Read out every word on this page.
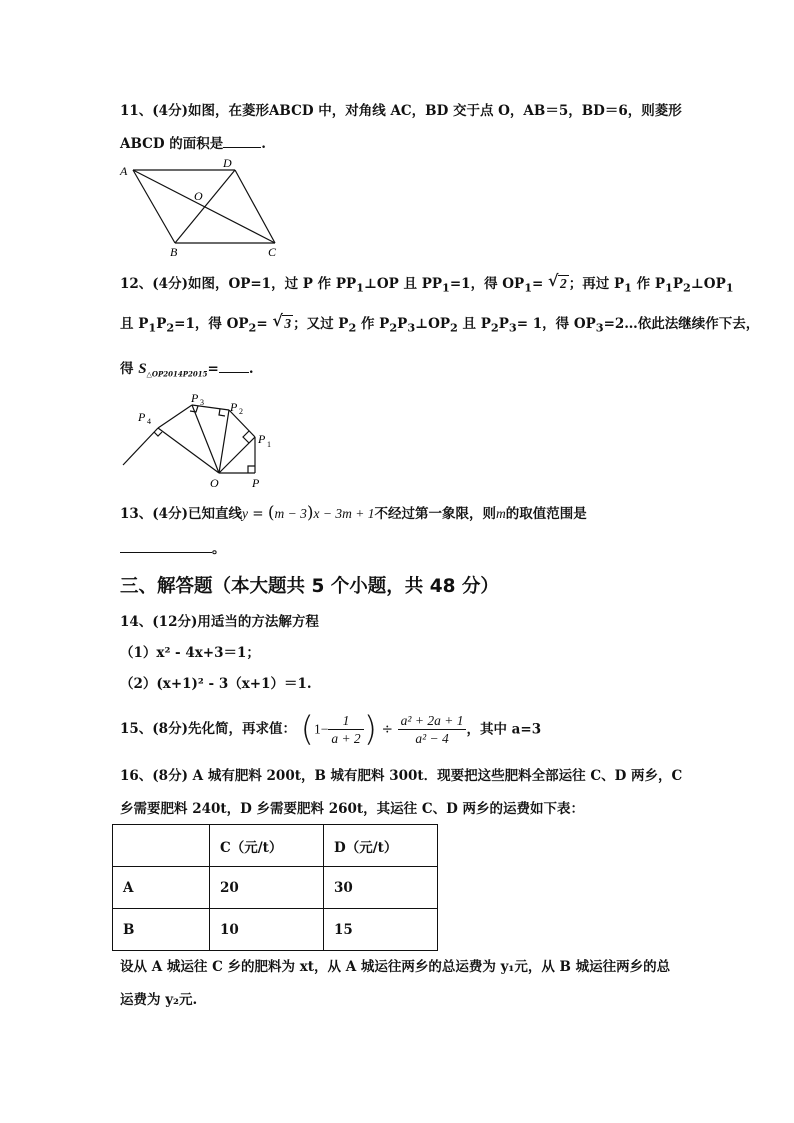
11、(4分)如图，在菱形ABCD 中，对角线 AC，BD 交于点 O，AB＝5，BD＝6，则菱形
ABCD 的面积是	.
A
D
O
B	C
12、(4分)如图，OP=1，过 P 作 $PP_1\perp OP$ 且 $PP_1=1$，得 $OP_1=$ √ 2 ；再过 $P_1$ 作 $P_1P_2\perp OP_1$
且 $P_1P_2=1$，得 $OP_2=$ √ 3 ；又过 $P_2$ 作 $P_2P_3\perp OP_2$ 且 $P_2P_3= 1$，得 $OP_3=2\dots$依此法继续作下去，
得 $S_{\triangle OP2014P2015}=$ .
P 4
P 3 P 2
P 1
O	P
13、(4分)已知直线y = (m − 3)x − 3m + 1不经过第一象限，则m的取值范围是
。
三、解答题（本大题共 5 个小题，共 48 分）
14、(12分)用适当的方法解方程
（1）x² - 4x+3＝1；
（2）(x+1)² - 3（x+1）＝1.
15、(8分)先化简，再求值： ($1- \frac{1}{a + 2}$ ) ÷ $\frac{\text{a² + 2a + 1}}{\text{a² − 4}}$ ，其中 a=3
16、(8分) A 城有肥料 200t，B 城有肥料 300t．现要把这些肥料全部运往 C、D 两乡，C
乡需要肥料 240t，D 乡需要肥料 260t，其运往 C、D 两乡的运费如下表：
	C（元/t）	D（元/t）
A	20	30
B	10	15
设从 A 城运往 C 乡的肥料为 xt，从 A 城运往两乡的总运费为 y₁元，从 B 城运往两乡的总
运费为 y₂元.
